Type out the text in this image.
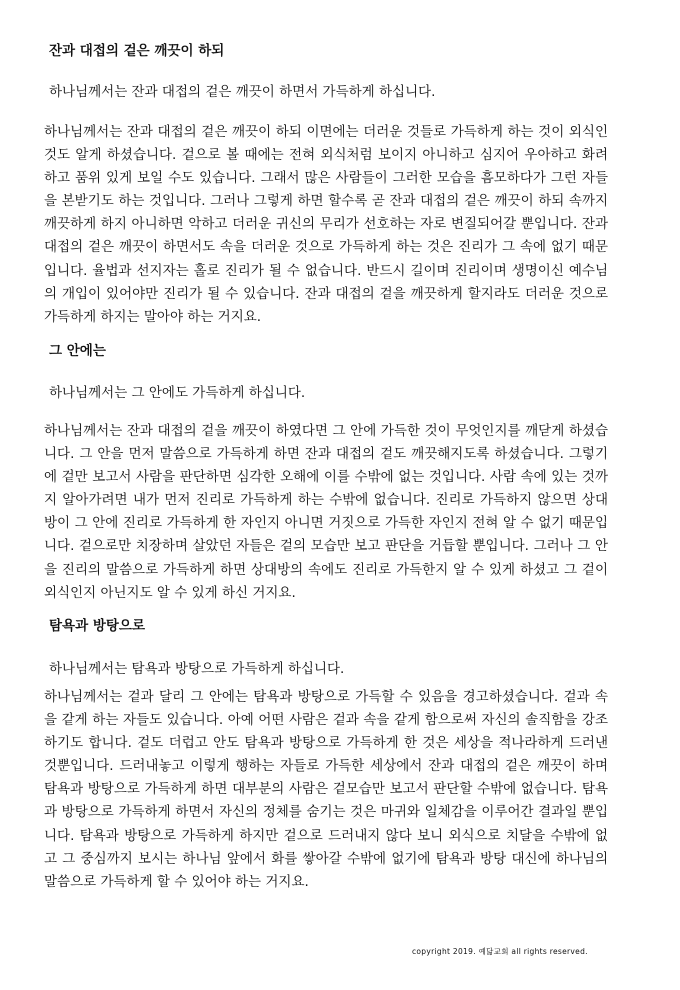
잔과 대접의 겉은 깨끗이 하되
하나님께서는 잔과 대접의 겉은 깨끗이 하면서 가득하게 하십니다.

하나님께서는 잔과 대접의 겉은 깨끗이 하되 이면에는 더러운 것들로 가득하게 하는 것이 외식인 것도 알게 하셨습니다. 겉으로 볼 때에는 전혀 외식처럼 보이지 아니하고 심지어 우아하고 화려하고 품위 있게 보일 수도 있습니다. 그래서 많은 사람들이 그러한 모습을 흠모하다가 그런 자들을 본받기도 하는 것입니다. 그러나 그렇게 하면 할수록 곧 잔과 대접의 겉은 깨끗이 하되 속까지 깨끗하게 하지 아니하면 악하고 더러운 귀신의 무리가 선호하는 자로 변질되어갈 뿐입니다. 잔과 대접의 겉은 깨끗이 하면서도 속을 더러운 것으로 가득하게 하는 것은 진리가 그 속에 없기 때문입니다. 율법과 선지자는 홀로 진리가 될 수 없습니다. 반드시 길이며 진리이며 생명이신 예수님의 개입이 있어야만 진리가 될 수 있습니다. 잔과 대접의 겉을 깨끗하게 할지라도 더러운 것으로 가득하게 하지는 말아야 하는 거지요.

그 안에는
하나님께서는 그 안에도 가득하게 하십니다.

하나님께서는 잔과 대접의 겉을 깨끗이 하였다면 그 안에 가득한 것이 무엇인지를 깨닫게 하셨습니다. 그 안을 먼저 말씀으로 가득하게 하면 잔과 대접의 겉도 깨끗해지도록 하셨습니다. 그렇기에 겉만 보고서 사람을 판단하면 심각한 오해에 이를 수밖에 없는 것입니다. 사람 속에 있는 것까지 알아가려면 내가 먼저 진리로 가득하게 하는 수밖에 없습니다. 진리로 가득하지 않으면 상대방이 그 안에 진리로 가득하게 한 자인지 아니면 거짓으로 가득한 자인지 전혀 알 수 없기 때문입니다. 겉으로만 치장하며 살았던 자들은 겉의 모습만 보고 판단을 거듭할 뿐입니다. 그러나 그 안을 진리의 말씀으로 가득하게 하면 상대방의 속에도 진리로 가득한지 알 수 있게 하셨고 그 겉이 외식인지 아닌지도 알 수 있게 하신 거지요.

탐욕과 방탕으로
하나님께서는 탐욕과 방탕으로 가득하게 하십니다.

하나님께서는 겉과 달리 그 안에는 탐욕과 방탕으로 가득할 수 있음을 경고하셨습니다. 겉과 속을 같게 하는 자들도 있습니다. 아예 어떤 사람은 겉과 속을 같게 함으로써 자신의 솔직함을 강조하기도 합니다. 겉도 더럽고 안도 탐욕과 방탕으로 가득하게 한 것은 세상을 적나라하게 드러낸 것뿐입니다. 드러내놓고 이렇게 행하는 자들로 가득한 세상에서 잔과 대접의 겉은 깨끗이 하며 탐욕과 방탕으로 가득하게 하면 대부분의 사람은 겉모습만 보고서 판단할 수밖에 없습니다. 탐욕과 방탕으로 가득하게 하면서 자신의 정체를 숨기는 것은 마귀와 일체감을 이루어간 결과일 뿐입니다. 탐욕과 방탕으로 가득하게 하지만 겉으로 드러내지 않다 보니 외식으로 치달을 수밖에 없고 그 중심까지 보시는 하나님 앞에서 화를 쌓아갈 수밖에 없기에 탐욕과 방탕 대신에 하나님의 말씀으로 가득하게 할 수 있어야 하는 거지요.

copyright 2019. 예닮교회 all rights reserved.
